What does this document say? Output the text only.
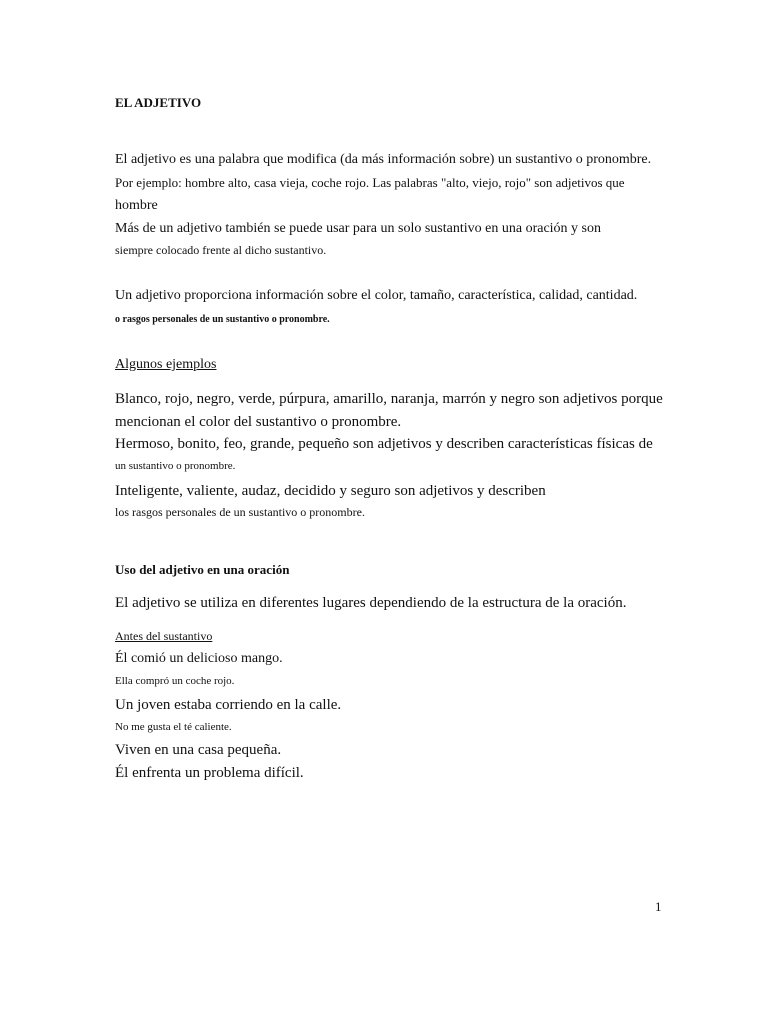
EL ADJETIVO
El adjetivo es una palabra que modifica (da más información sobre) un sustantivo o pronombre.
Por ejemplo: hombre alto, casa vieja, coche rojo. Las palabras "alto, viejo, rojo" son adjetivos que
hombre
Más de un adjetivo también se puede usar para un solo sustantivo en una oración y son
siempre colocado frente al dicho sustantivo.
Un adjetivo proporciona información sobre el color, tamaño, característica, calidad, cantidad.
o rasgos personales de un sustantivo o pronombre.
Algunos ejemplos
Blanco, rojo, negro, verde, púrpura, amarillo, naranja, marrón y negro son adjetivos porque
mencionan el color del sustantivo o pronombre.
Hermoso, bonito, feo, grande, pequeño son adjetivos y describen características físicas de
un sustantivo o pronombre.
Inteligente, valiente, audaz, decidido y seguro son adjetivos y describen
los rasgos personales de un sustantivo o pronombre.
Uso del adjetivo en una oración
El adjetivo se utiliza en diferentes lugares dependiendo de la estructura de la oración.
Antes del sustantivo
Él comió un delicioso mango.
Ella compró un coche rojo.
Un joven estaba corriendo en la calle.
No me gusta el té caliente.
Viven en una casa pequeña.
Él enfrenta un problema difícil.
1
